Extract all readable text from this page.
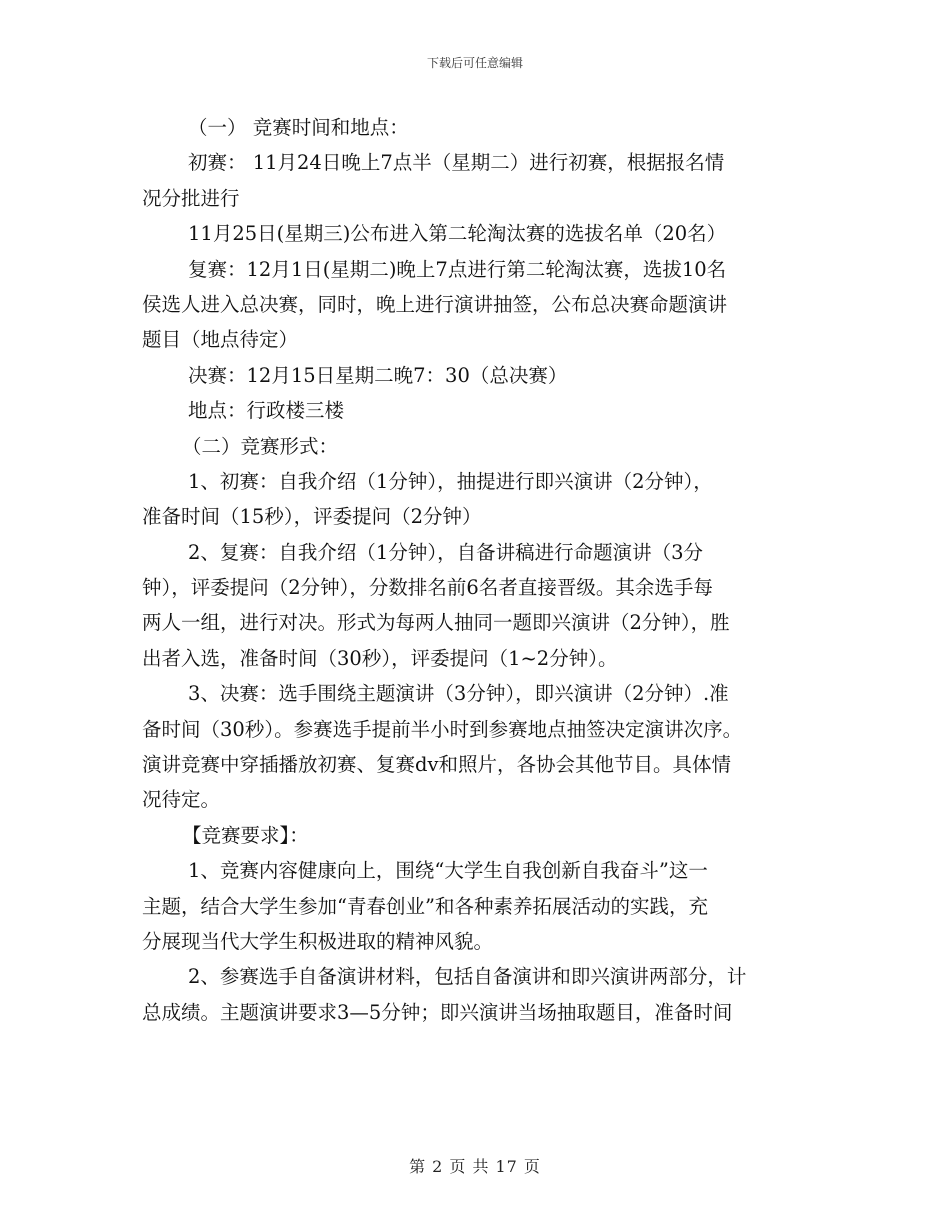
下载后可任意编辑
（一） 竞赛时间和地点：
初赛： 11月24日晚上7点半（星期二）进行初赛，根据报名情
况分批进行
11月25日(星期三)公布进入第二轮淘汰赛的选拔名单（20名）
复赛：12月1日(星期二)晚上7点进行第二轮淘汰赛，选拔10名
侯选人进入总决赛，同时，晚上进行演讲抽签，公布总决赛命题演讲
题目（地点待定）
决赛：12月15日星期二晚7：30（总决赛）
地点：行政楼三楼
（二）竞赛形式：
1、初赛：自我介绍（1分钟），抽提进行即兴演讲（2分钟），
准备时间（15秒），评委提问（2分钟）
2、复赛：自我介绍（1分钟），自备讲稿进行命题演讲（3分
钟），评委提问（2分钟），分数排名前6名者直接晋级。其余选手每
两人一组，进行对决。形式为每两人抽同一题即兴演讲（2分钟），胜
出者入选，准备时间（30秒），评委提问（1~2分钟）。
3、决赛：选手围绕主题演讲（3分钟），即兴演讲（2分钟）.准
备时间（30秒）。参赛选手提前半小时到参赛地点抽签决定演讲次序。
演讲竞赛中穿插播放初赛、复赛dv和照片，各协会其他节目。具体情
况待定。
【竞赛要求】：
1、竞赛内容健康向上，围绕“大学生自我创新自我奋斗”这一
主题，结合大学生参加“青春创业”和各种素养拓展活动的实践，充
分展现当代大学生积极进取的精神风貌。
2、参赛选手自备演讲材料，包括自备演讲和即兴演讲两部分，计
总成绩。主题演讲要求3—5分钟；即兴演讲当场抽取题目，准备时间
第 2 页 共 17 页
